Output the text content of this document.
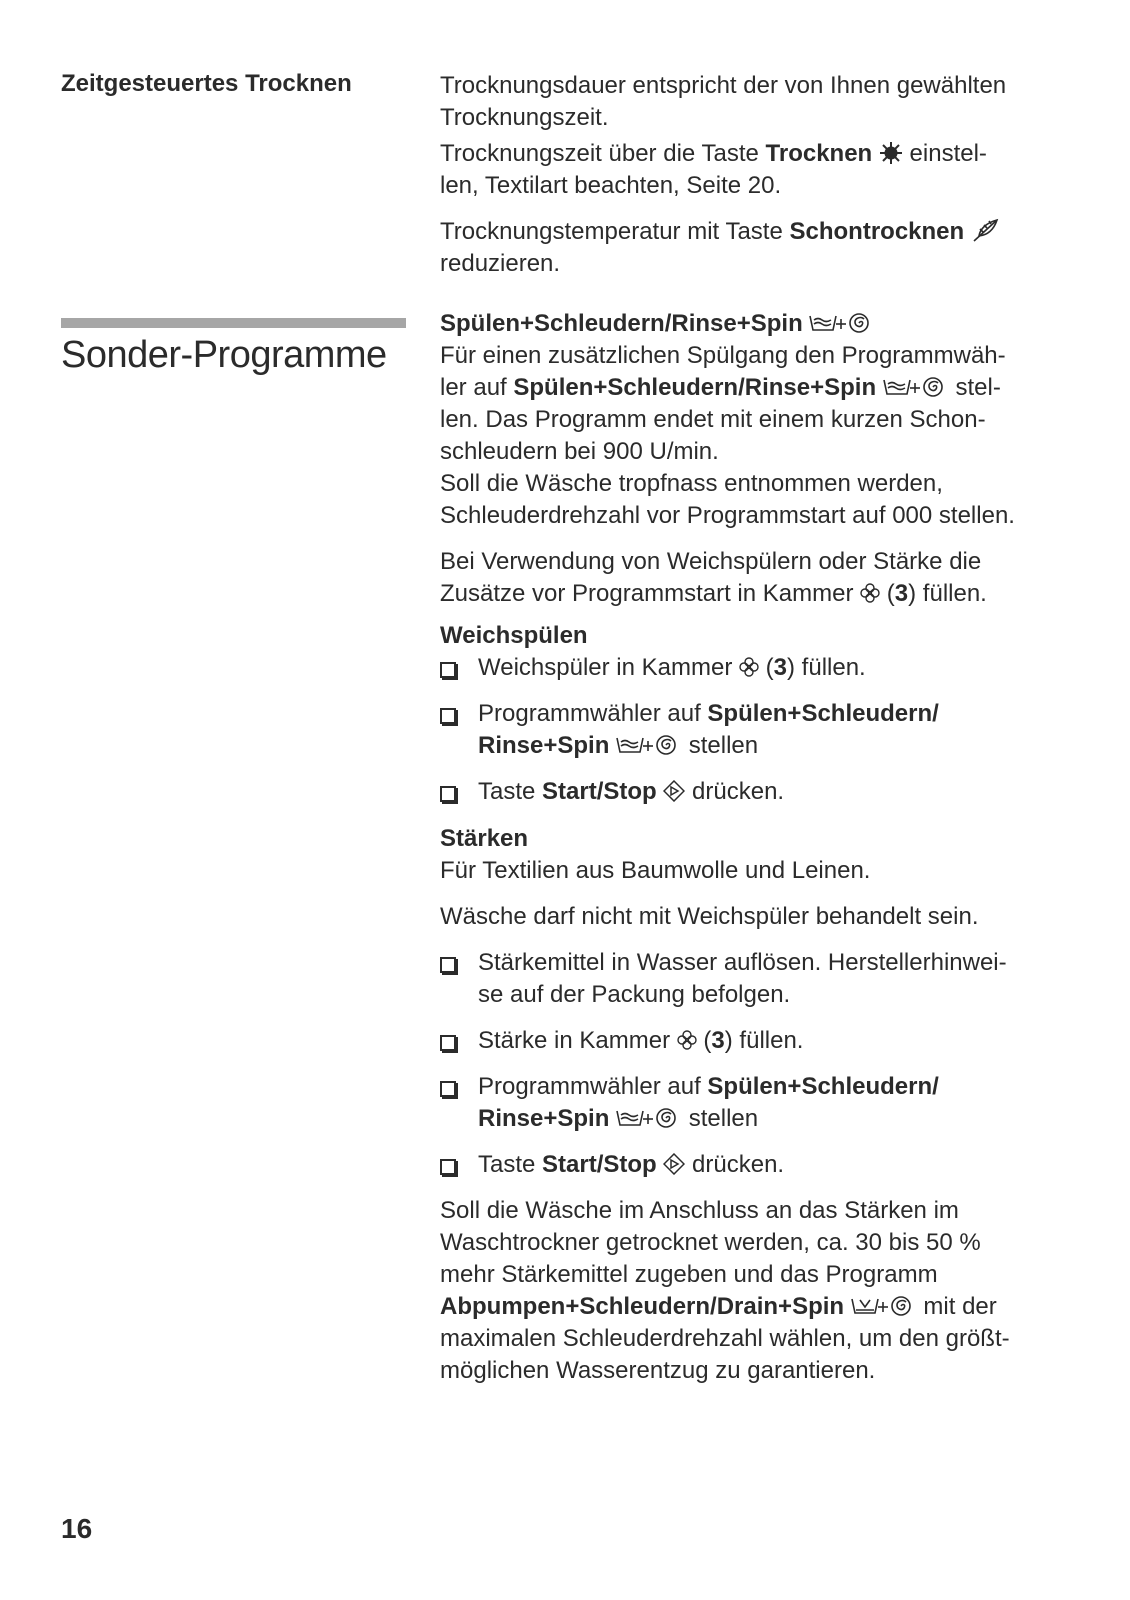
Zeitgesteuertes Trocknen
Sonder-Programme

Trocknungsdauer entspricht der von Ihnen gewählten Trocknungszeit.

Trocknungszeit über die Taste Trocknen
einstel-
len, Textilart beachten, Seite 20.

Trocknungstemperatur mit Taste Schontrocknen

reduzieren.

Spülen+Schleudern/Rinse+Spin

Für einen zusätzlichen Spülgang den Programmwäh-

ler auf Spülen+Schleudern/Rinse+Spin	stel-

len. Das Programm endet mit einem kurzen Schon-

schleudern bei 900 U/min.

Soll die Wäsche tropfnass entnommen werden,

Schleuderdrehzahl vor Programmstart auf 000 stellen.

Bei Verwendung von Weichspülern oder Stärke die

Zusätze vor Programmstart in Kammer
(3) füllen.

Weichspülen

Weichspüler in Kammer
(3) füllen.
Programmwähler auf Spülen+Schleudern/
Rinse+Spin	stellen
Taste Start/Stop
drücken.

Stärken

Für Textilien aus Baumwolle und Leinen.

Wäsche darf nicht mit Weichspüler behandelt sein.

Stärkemittel in Wasser auflösen. Herstellerhinwei-
se auf der Packung befolgen.
Stärke in Kammer
(3) füllen.
Programmwähler auf Spülen+Schleudern/
Rinse+Spin	stellen
Taste Start/Stop
drücken.

Soll die Wäsche im Anschluss an das Stärken im

Waschtrockner getrocknet werden, ca. 30 bis 50 %

mehr Stärkemittel zugeben und das Programm

Abpumpen+Schleudern/Drain+Spin	mit der

maximalen Schleuderdrehzahl wählen, um den größt-

möglichen Wasserentzug zu garantieren.

16
